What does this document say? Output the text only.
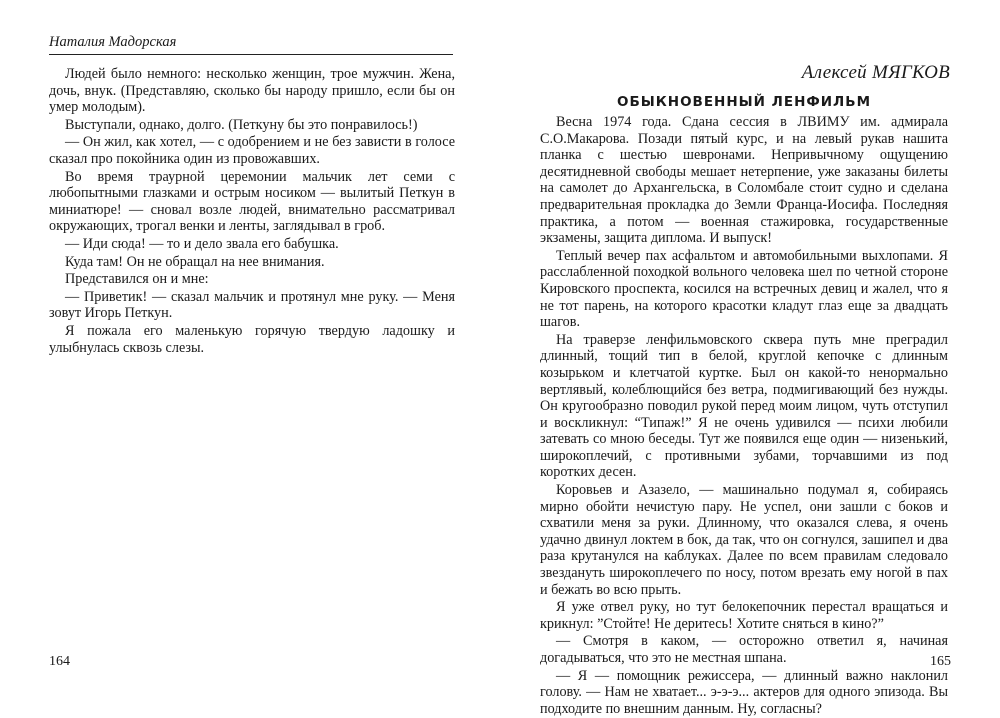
Наталия Мадорская

Людей было немного: несколько женщин, трое мужчин. Жена, дочь, внук. (Представляю, сколько бы народу пришло, если бы он умер молодым).

Выступали, однако, долго. (Петкуну бы это понравилось!)

— Он жил, как хотел, — с одобрением и не без зависти в голосе сказал про покойника один из провожавших.

Во время траурной церемонии мальчик лет семи с любопытными глазками и острым носиком — вылитый Петкун в миниатюре! — сновал возле людей, внимательно рассматривал окружающих, трогал венки и ленты, заглядывал в гроб.

— Иди сюда! — то и дело звала его бабушка.

Куда там! Он не обращал на нее внимания.

Представился он и мне:

— Приветик! — сказал мальчик и протянул мне руку. — Меня зовут Игорь Петкун.

Я пожала его маленькую горячую твердую ладошку и улыбнулась сквозь слезы.

164
Алексей МЯГКОВ
ОБЫКНОВЕННЫЙ ЛЕНФИЛЬМ

Весна 1974 года. Сдана сессия в ЛВИМУ им. адмирала С.О.Макарова. Позади пятый курс, и на левый рукав нашита планка с шестью шевронами. Непривычному ощущению десятидневной свободы мешает нетерпение, уже заказаны билеты на самолет до Архангельска, в Соломбале стоит судно и сделана предварительная прокладка до Земли Франца-Иосифа. Последняя практика, а потом — военная стажировка, государственные экзамены, защита диплома. И выпуск!

Теплый вечер пах асфальтом и автомобильными выхлопами. Я расслабленной походкой вольного человека шел по четной стороне Кировского проспекта, косился на встречных девиц и жалел, что я не тот парень, на которого красотки кладут глаз еще за двадцать шагов.

На траверзе ленфильмовского сквера путь мне преградил длинный, тощий тип в белой, круглой кепочке с длинным козырьком и клетчатой куртке. Был он какой-то ненормально вертлявый, колеблющийся без ветра, подмигивающий без нужды. Он кругообразно поводил рукой перед моим лицом, чуть отступил и воскликнул: “Типаж!” Я не очень удивился — психи любили затевать со мною беседы. Тут же появился еще один — низенький, широкоплечий, с противными зубами, торчавшими из под коротких десен.

Коровьев и Азазело, — машинально подумал я, собираясь мирно обойти нечистую пару. Не успел, они зашли с боков и схватили меня за руки. Длинному, что оказался слева, я очень удачно двинул локтем в бок, да так, что он согнулся, зашипел и два раза крутанулся на каблуках. Далее по всем правилам следовало звездануть широкоплечего по носу, потом врезать ему ногой в пах и бежать во всю прыть.

Я уже отвел руку, но тут белокепочник перестал вращаться и крикнул: ”Стойте! Не деритесь! Хотите сняться в кино?”

— Смотря в каком, — осторожно ответил я, начиная догадываться, что это не местная шпана.

— Я — помощник режиссера, — длинный важно наклонил голову. — Нам не хватает... э-э-э... актеров для одного эпизода. Вы подходите по внешним данным. Ну, согласны?

165
